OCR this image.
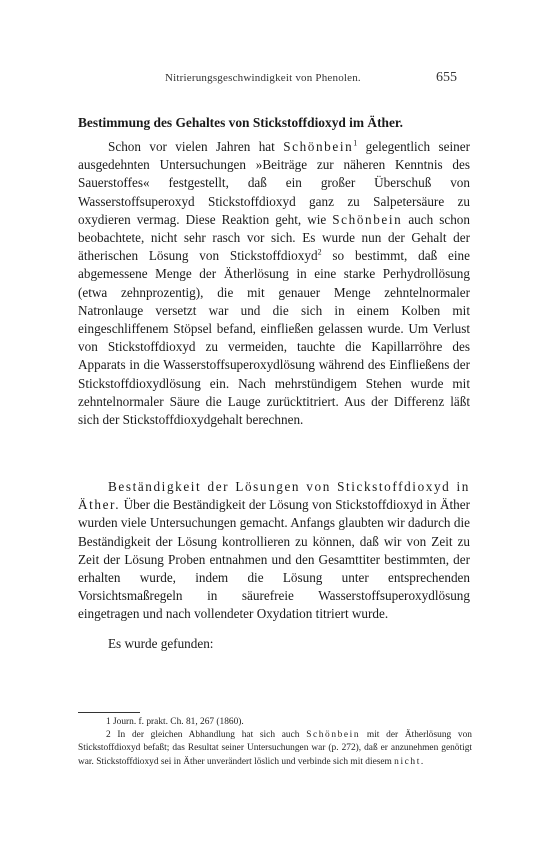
Nitrierungsgeschwindigkeit von Phenolen.	655
Bestimmung des Gehaltes von Stickstoffdioxyd im Äther.

Schon vor vielen Jahren hat Schönbein$^1$ gelegentlich seiner ausgedehnten Untersuchungen »Beiträge zur näheren Kenntnis des Sauerstoffes« festgestellt, daß ein großer Überschuß von Wasserstoffsuperoxyd Stickstoffdioxyd ganz zu Salpetersäure zu oxydieren vermag. Diese Reaktion geht, wie Schönbein auch schon beobachtete, nicht sehr rasch vor sich. Es wurde nun der Gehalt der ätherischen Lösung von Stickstoffdioxyd$^2$ so bestimmt, daß eine abgemessene Menge der Ätherlösung in eine starke Perhydrollösung (etwa zehnprozentig), die mit genauer Menge zehntelnormaler Natronlauge versetzt war und die sich in einem Kolben mit eingeschliffenem Stöpsel befand, einfließen gelassen wurde. Um Verlust von Stickstoffdioxyd zu vermeiden, tauchte die Kapillarröhre des Apparats in die Wasserstoffsuperoxydlösung während des Einfließens der Stickstoffdioxydlösung ein. Nach mehrstündigem Stehen wurde mit zehntelnormaler Säure die Lauge zurücktitriert. Aus der Differenz läßt sich der Stickstoffdioxydgehalt berechnen.

Beständigkeit der Lösungen von Stickstoffdioxyd in Äther. Über die Beständigkeit der Lösung von Stickstoffdioxyd in Äther wurden viele Untersuchungen gemacht. Anfangs glaubten wir dadurch die Beständigkeit der Lösung kontrollieren zu können, daß wir von Zeit zu Zeit der Lösung Proben entnahmen und den Gesamttiter bestimmten, der erhalten wurde, indem die Lösung unter entsprechenden Vorsichtsmaßregeln in säurefreie Wasserstoffsuperoxydlösung eingetragen und nach vollendeter Oxydation titriert wurde.

Es wurde gefunden:

1 Journ. f. prakt. Ch. 81, 267 (1860).

2 In der gleichen Abhandlung hat sich auch Schönbein mit der Ätherlösung von Stickstoffdioxyd befaßt; das Resultat seiner Untersuchungen war (p. 272), daß er anzunehmen genötigt war. Stickstoffdioxyd sei in Äther unverändert löslich und verbinde sich mit diesem nicht.
